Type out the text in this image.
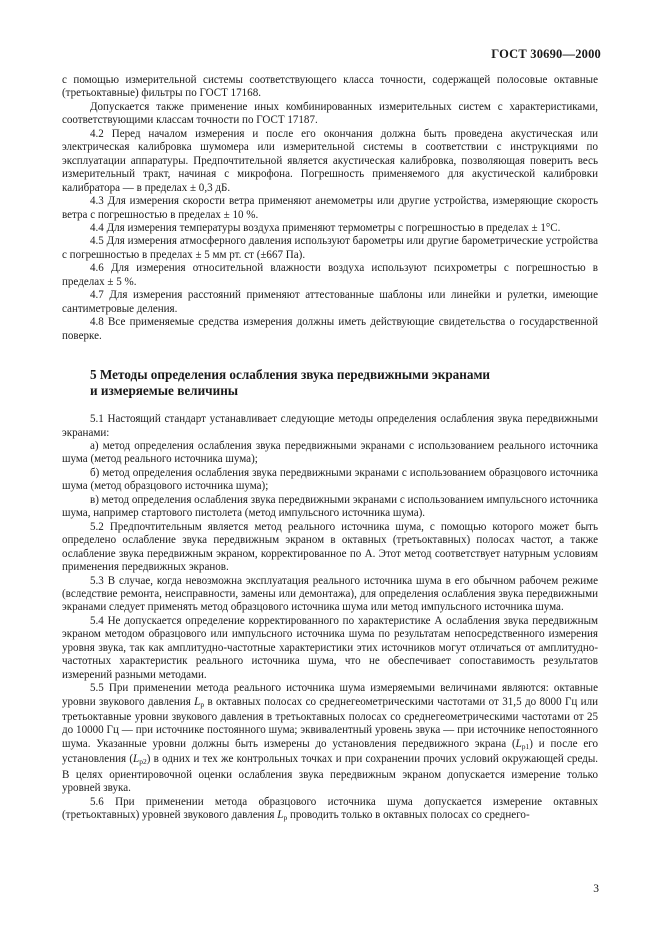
ГОСТ 30690—2000

с помощью измерительной системы соответствующего класса точности, содержащей полосовые октавные (третьоктавные) фильтры по ГОСТ 17168.

Допускается также применение иных комбинированных измерительных систем с характеристиками, соответствующими классам точности по ГОСТ 17187.

4.2 Перед началом измерения и после его окончания должна быть проведена акустическая или электрическая калибровка шумомера или измерительной системы в соответствии с инструкциями по эксплуатации аппаратуры. Предпочтительной является акустическая калибровка, позволяющая поверить весь измерительный тракт, начиная с микрофона. Погрешность применяемого для акустической калибровки калибратора — в пределах ± 0,3 дБ.

4.3 Для измерения скорости ветра применяют анемометры или другие устройства, измеряющие скорость ветра с погрешностью в пределах ± 10 %.

4.4 Для измерения температуры воздуха применяют термометры с погрешностью в пределах ± 1°С.

4.5 Для измерения атмосферного давления используют барометры или другие барометрические устройства с погрешностью в пределах ± 5 мм рт. ст (±667 Па).

4.6 Для измерения относительной влажности воздуха используют психрометры с погрешностью в пределах ± 5 %.

4.7 Для измерения расстояний применяют аттестованные шаблоны или линейки и рулетки, имеющие сантиметровые деления.

4.8 Все применяемые средства измерения должны иметь действующие свидетельства о государственной поверке.

5 Методы определения ослабления звука передвижными экранами
и измеряемые величины

5.1 Настоящий стандарт устанавливает следующие методы определения ослабления звука передвижными экранами:

а) метод определения ослабления звука передвижными экранами с использованием реального источника шума (метод реального источника шума);

б) метод определения ослабления звука передвижными экранами с использованием образцового источника шума (метод образцового источника шума);

в) метод определения ослабления звука передвижными экранами с использованием импульсного источника шума, например стартового пистолета (метод импульсного источника шума).

5.2 Предпочтительным является метод реального источника шума, с помощью которого может быть определено ослабление звука передвижным экраном в октавных (третьоктавных) полосах частот, а также ослабление звука передвижным экраном, корректированное по А. Этот метод соответствует натурным условиям применения передвижных экранов.

5.3 В случае, когда невозможна эксплуатация реального источника шума в его обычном рабочем режиме (вследствие ремонта, неисправности, замены или демонтажа), для определения ослабления звука передвижными экранами следует применять метод образцового источника шума или метод импульсного источника шума.

5.4 Не допускается определение корректированного по характеристике А ослабления звука передвижным экраном методом образцового или импульсного источника шума по результатам непосредственного измерения уровня звука, так как амплитудно-частотные характеристики этих источников могут отличаться от амплитудно-частотных характеристик реального источника шума, что не обеспечивает сопоставимость результатов измерений разными методами.

5.5 При применении метода реального источника шума измеряемыми величинами являются: октавные уровни звукового давления $L_p$ в октавных полосах со среднегеометрическими частотами от 31,5 до 8000 Гц или третьоктавные уровни звукового давления в третьоктавных полосах со среднегеометрическими частотами от 25 до 10000 Гц — при источнике постоянного шума; эквивалентный уровень звука — при источнике непостоянного шума. Указанные уровни должны быть измерены до установления передвижного экрана $(L_{p1})$ и после его установления $(L_{p2})$ в одних и тех же контрольных точках и при сохранении прочих условий окружающей среды. В целях ориентировочной оценки ослабления звука передвижным экраном допускается измерение только уровней звука.

5.6 При применении метода образцового источника шума допускается измерение октавных (третьоктавных) уровней звукового давления $L_p$ проводить только в октавных полосах со среднего-

3
